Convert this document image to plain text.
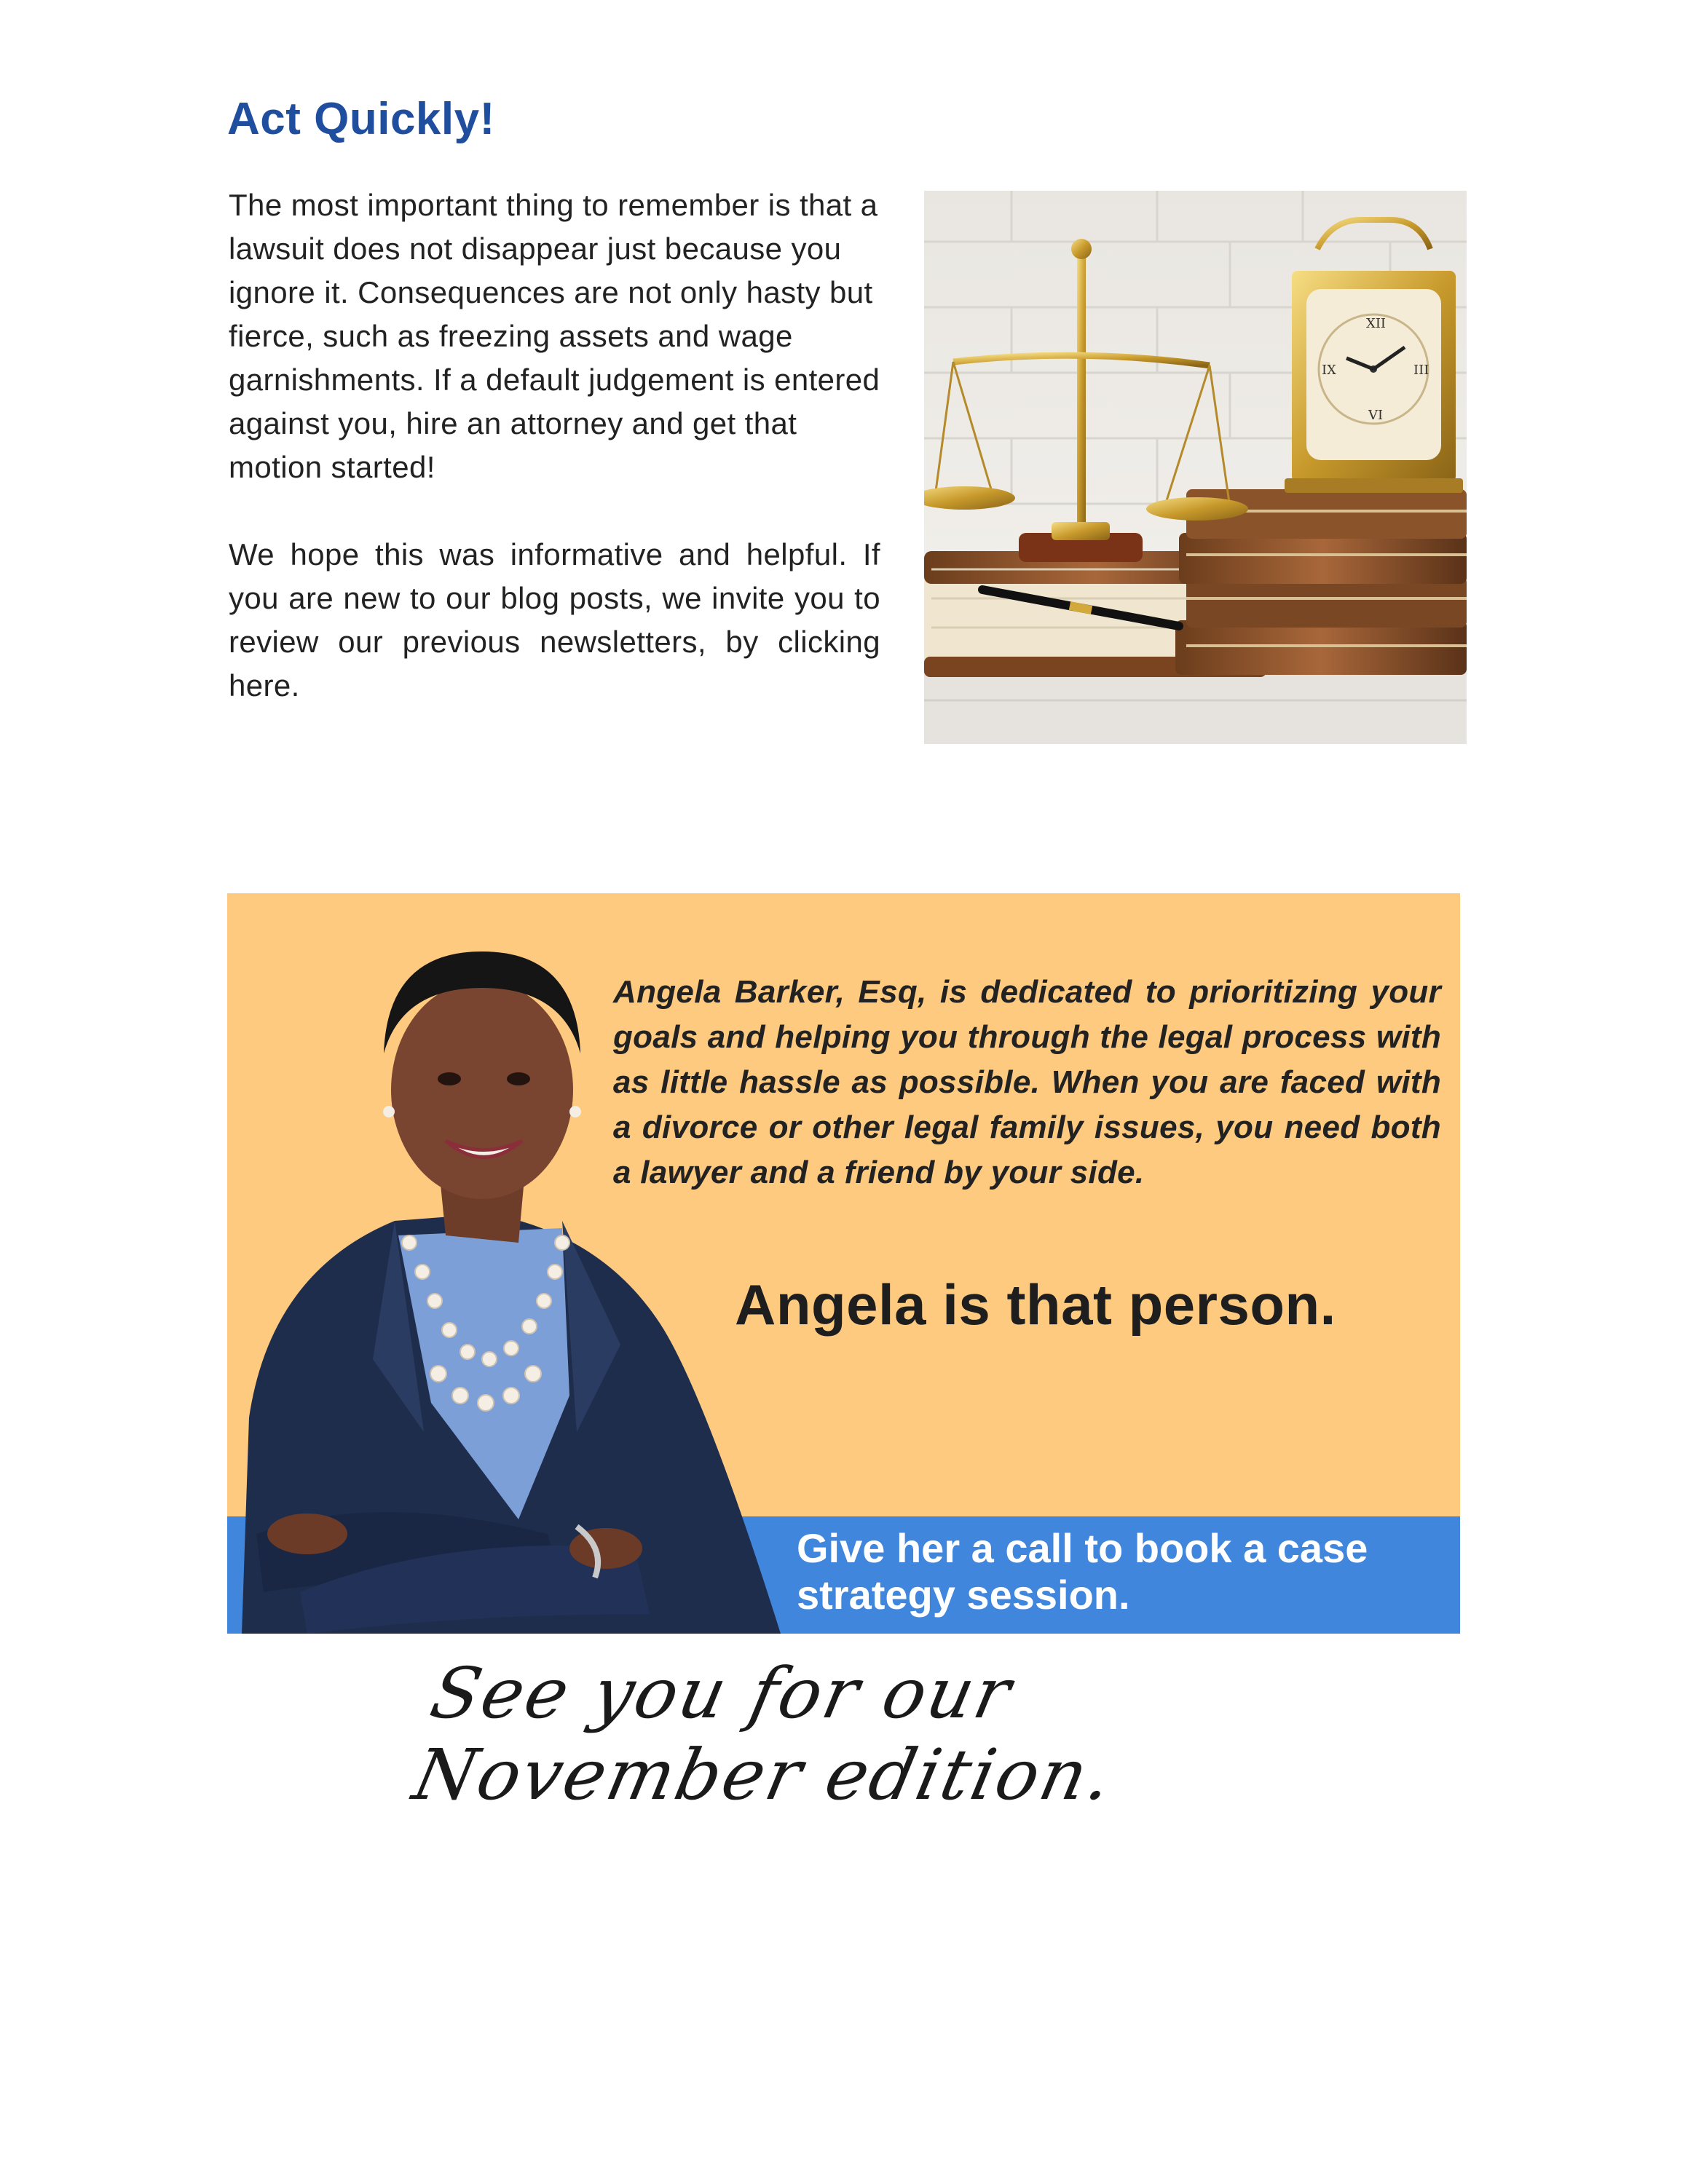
Act Quickly!

The most important thing to remember is that a lawsuit does not disappear just because you ignore it. Consequences are not only hasty but fierce, such as freezing assets and wage garnishments. If a default judgement is entered against you, hire an attorney and get that motion started!

We hope this was informative and helpful. If you are new to our blog posts, we invite you to review our previous newsletters, by clicking here.

XII
III
VI
IX

Angela Barker, Esq, is dedicated to prioritizing your goals and helping you through the legal process with as little hassle as possible. When you are faced with a divorce or other legal family issues, you need both a lawyer and a friend by your side.

Angela is that person.

Give her a call to book a case strategy session.

See you for our November edition.
